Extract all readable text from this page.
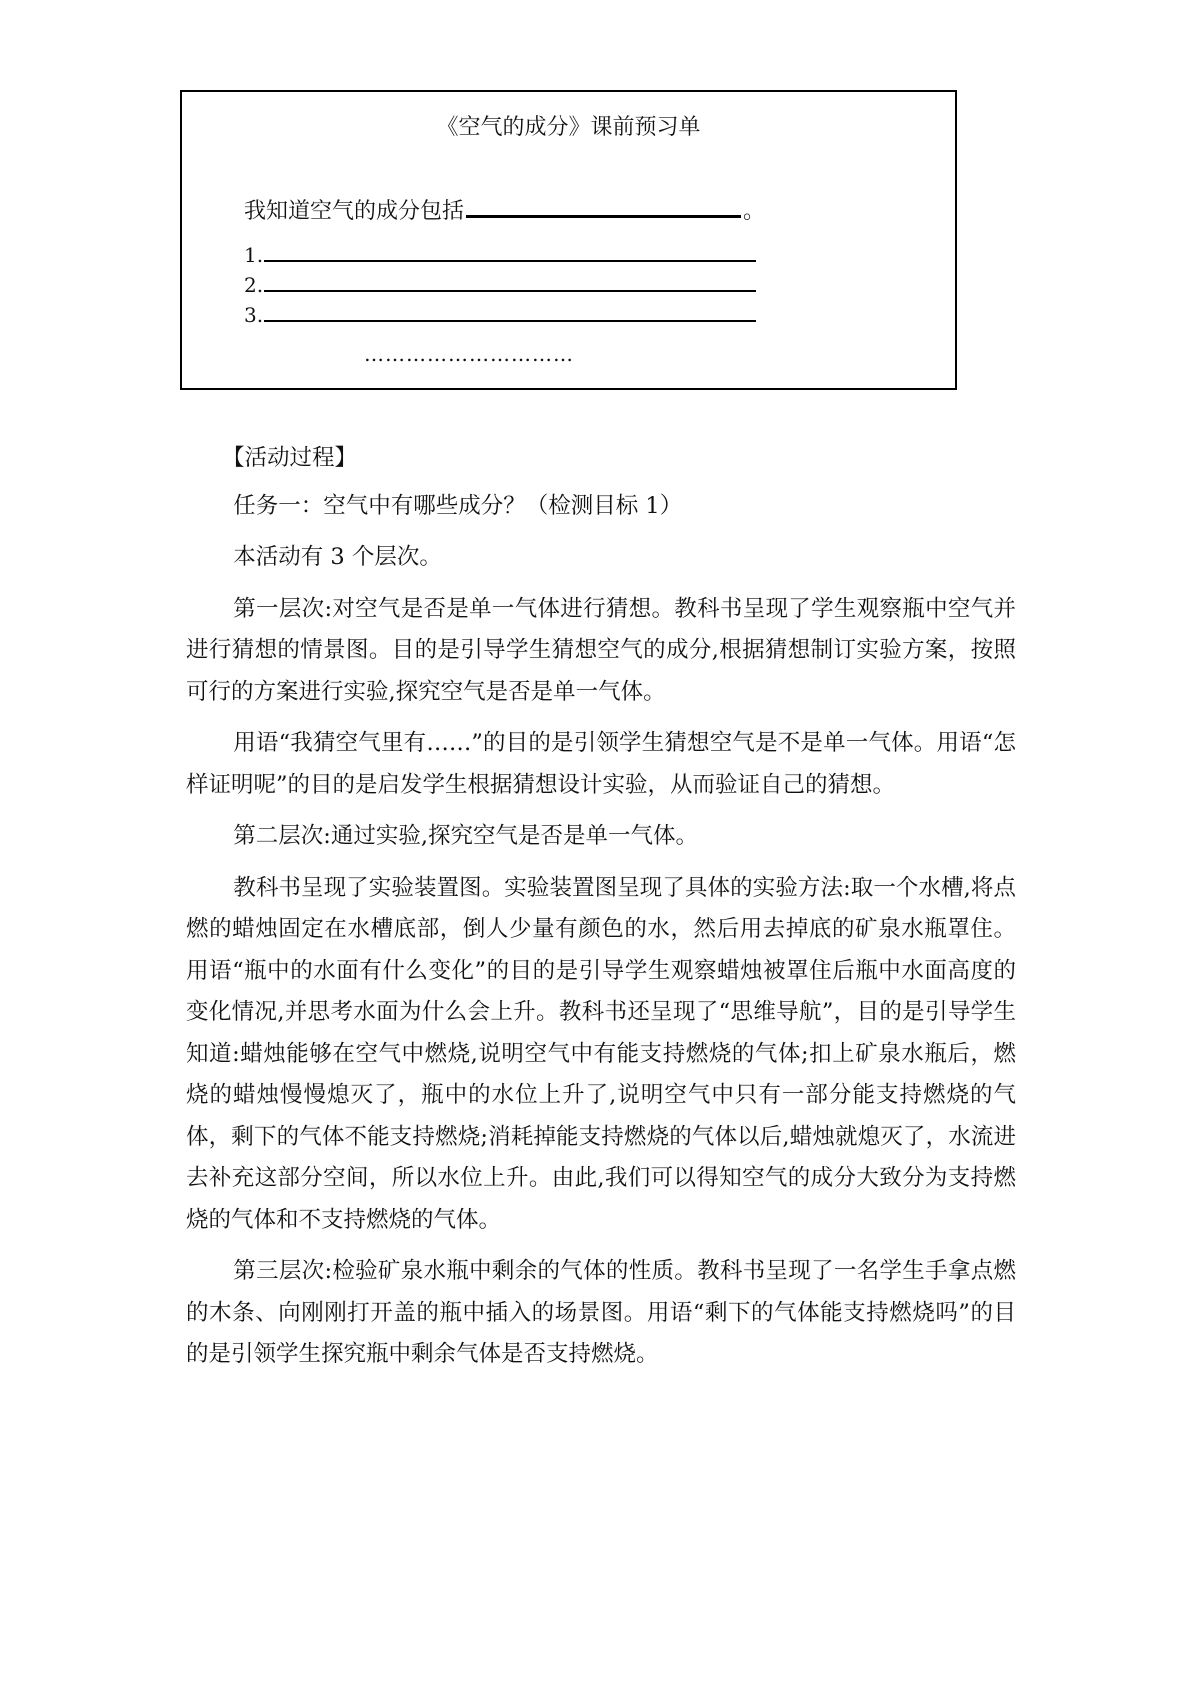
《空气的成分》课前预习单
我知道空气的成分包括	。
1.
2.
3.
…………………………

【活动过程】

任务一：空气中有哪些成分？（检测目标 1）

本活动有 3 个层次。

第一层次:对空气是否是单一气体进行猜想。教科书呈现了学生观察瓶中空气并进行猜想的情景图。目的是引导学生猜想空气的成分,根据猜想制订实验方案，按照可行的方案进行实验,探究空气是否是单一气体。

用语“我猜空气里有……”的目的是引领学生猜想空气是不是单一气体。用语“怎样证明呢”的目的是启发学生根据猜想设计实验，从而验证自己的猜想。

第二层次:通过实验,探究空气是否是单一气体。

教科书呈现了实验装置图。实验装置图呈现了具体的实验方法:取一个水槽,将点燃的蜡烛固定在水槽底部，倒人少量有颜色的水，然后用去掉底的矿泉水瓶罩住。用语“瓶中的水面有什么变化”的目的是引导学生观察蜡烛被罩住后瓶中水面高度的变化情况,并思考水面为什么会上升。教科书还呈现了“思维导航”，目的是引导学生知道:蜡烛能够在空气中燃烧,说明空气中有能支持燃烧的气体;扣上矿泉水瓶后，燃烧的蜡烛慢慢熄灭了，瓶中的水位上升了,说明空气中只有一部分能支持燃烧的气体，剩下的气体不能支持燃烧;消耗掉能支持燃烧的气体以后,蜡烛就熄灭了，水流进去补充这部分空间，所以水位上升。由此,我们可以得知空气的成分大致分为支持燃烧的气体和不支持燃烧的气体。

第三层次:检验矿泉水瓶中剩余的气体的性质。教科书呈现了一名学生手拿点燃的木条、向刚刚打开盖的瓶中插入的场景图。用语“剩下的气体能支持燃烧吗”的目的是引领学生探究瓶中剩余气体是否支持燃烧。
